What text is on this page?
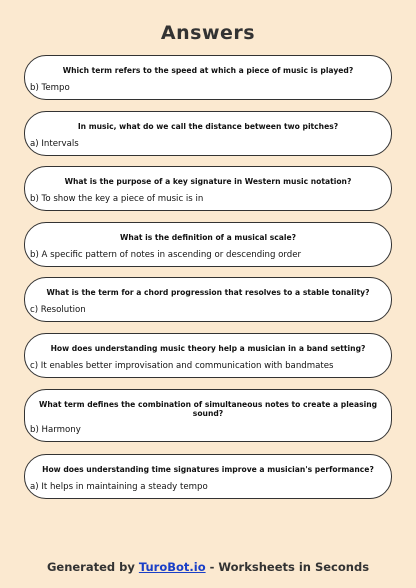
Answers
Which term refers to the speed at which a piece of music is played?
b) Tempo
In music, what do we call the distance between two pitches?
a) Intervals
What is the purpose of a key signature in Western music notation?
b) To show the key a piece of music is in
What is the definition of a musical scale?
b) A specific pattern of notes in ascending or descending order
What is the term for a chord progression that resolves to a stable tonality?
c) Resolution
How does understanding music theory help a musician in a band setting?
c) It enables better improvisation and communication with bandmates
What term defines the combination of simultaneous notes to create a pleasing sound?
b) Harmony
How does understanding time signatures improve a musician's performance?
a) It helps in maintaining a steady tempo
Generated by TuroBot.io - Worksheets in Seconds
